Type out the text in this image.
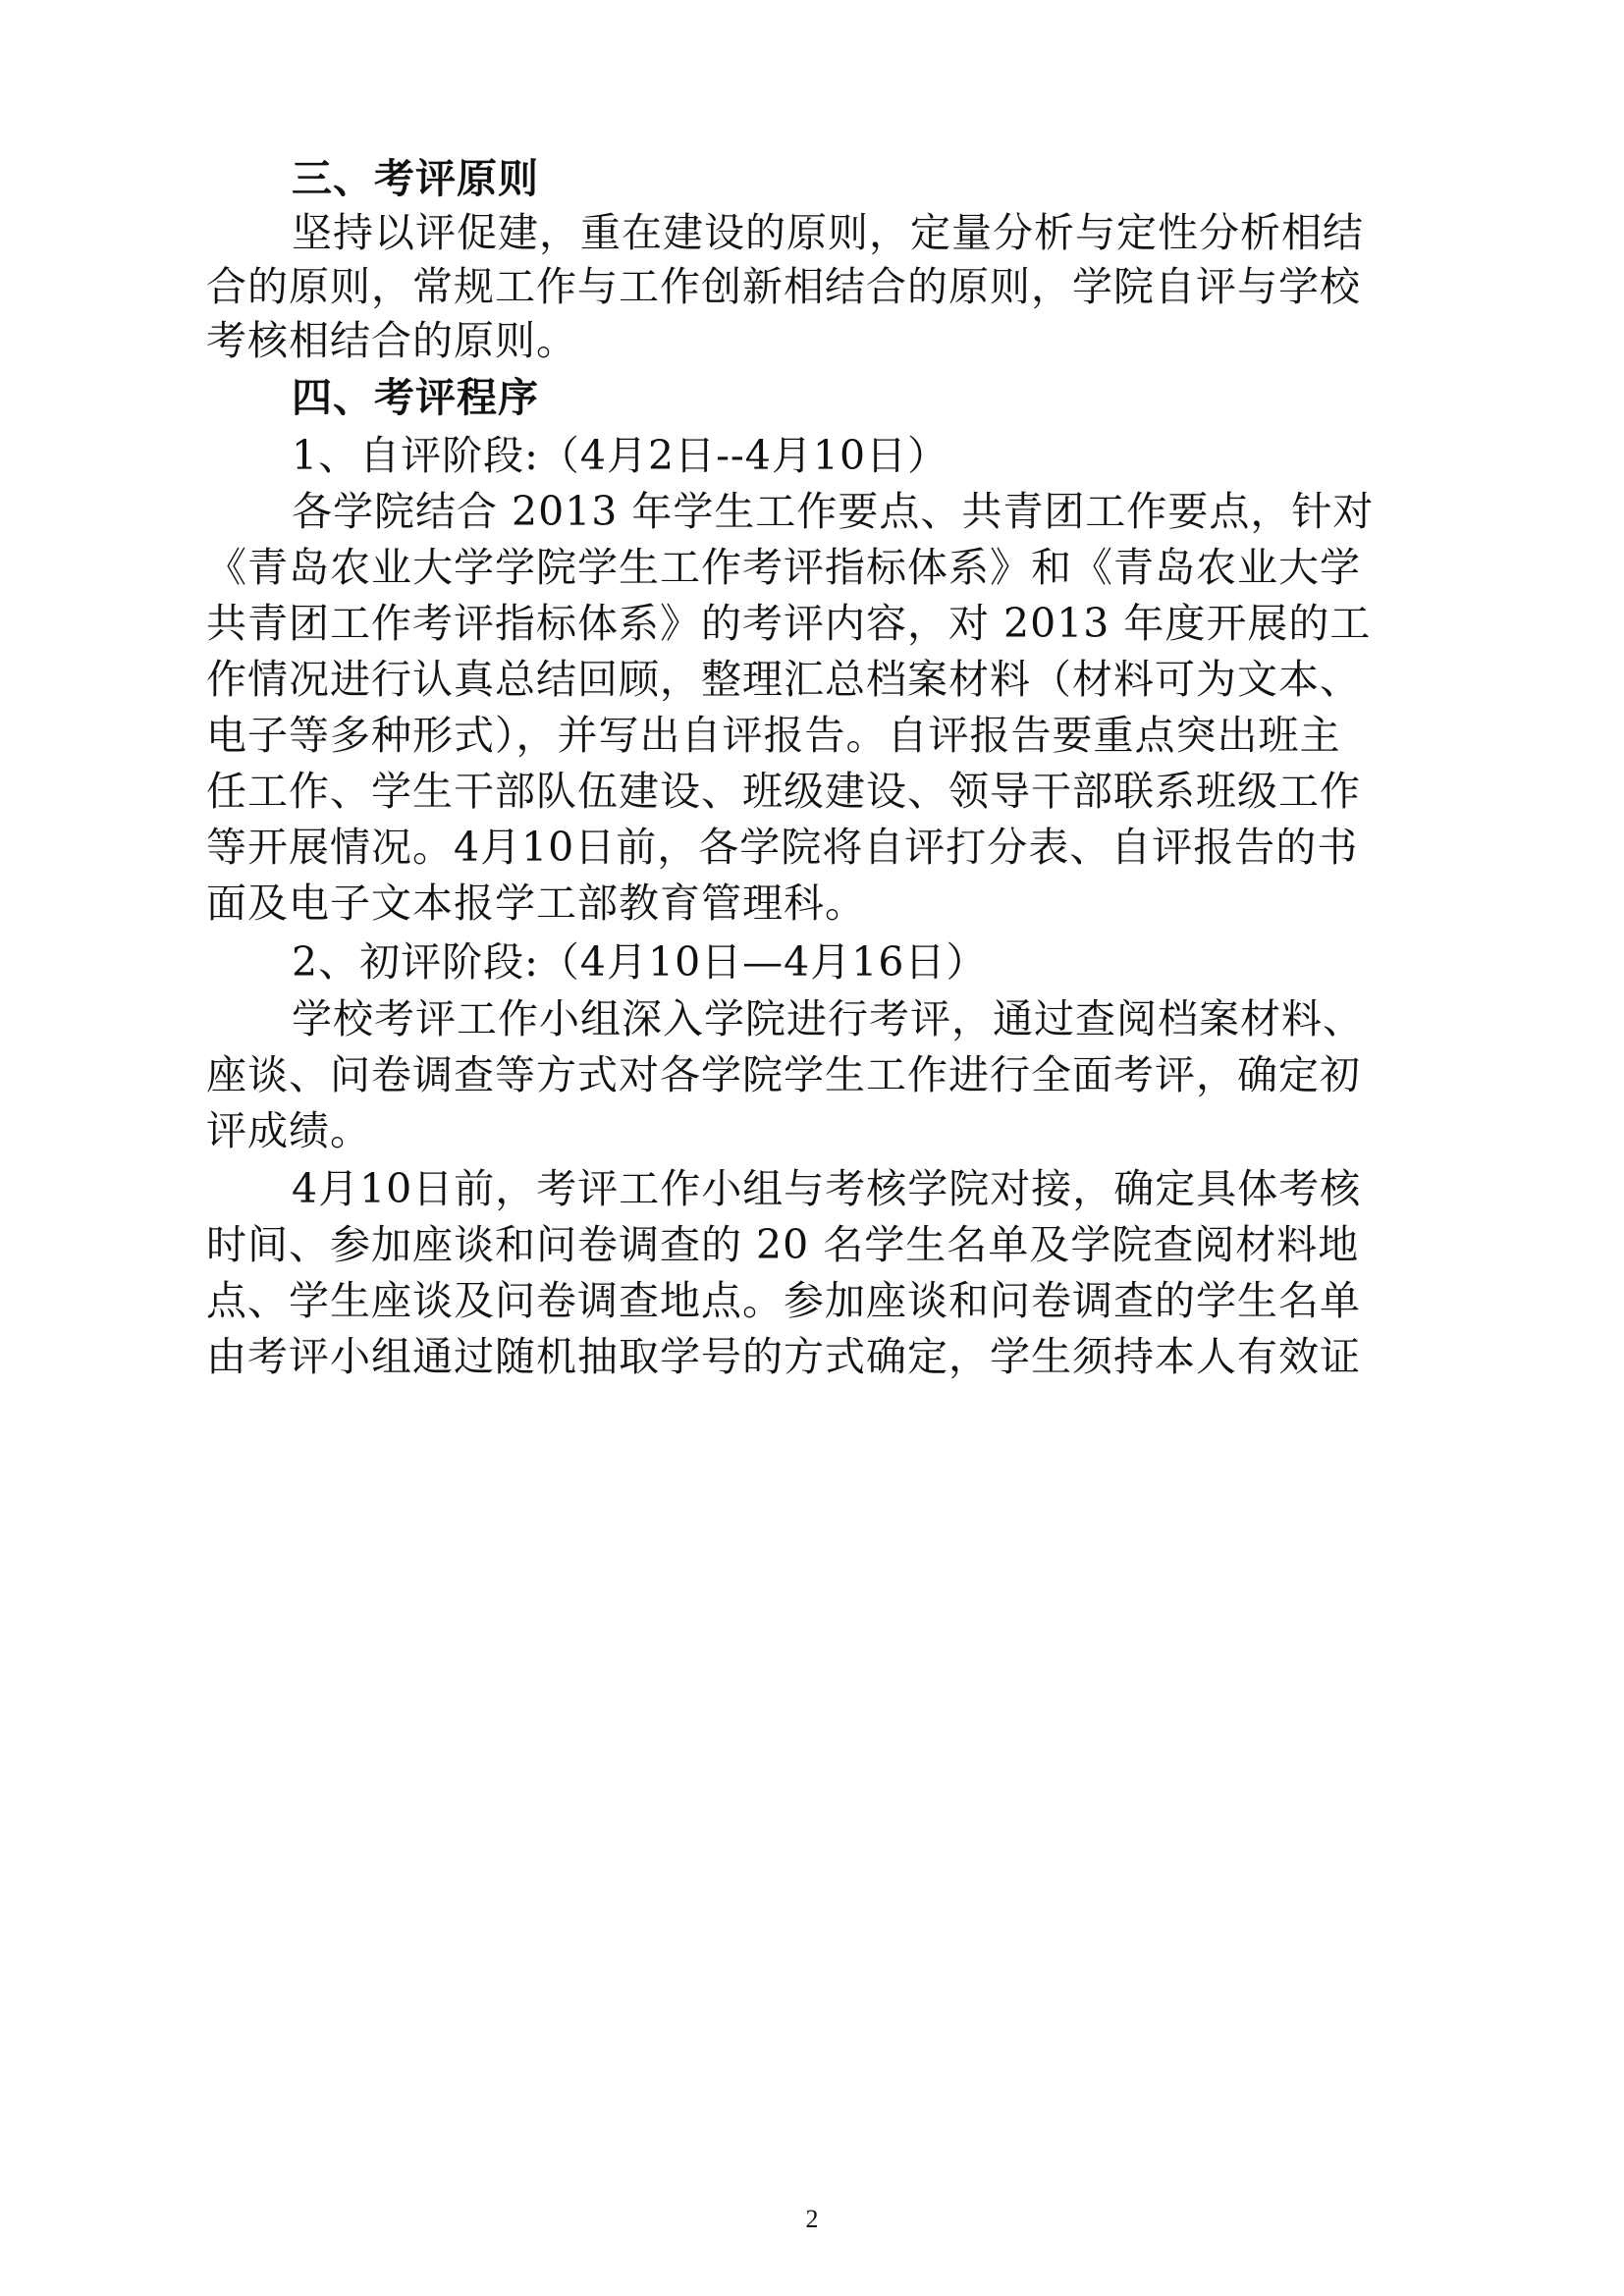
三、考评原则
坚持以评促建，重在建设的原则，定量分析与定性分析相结
合的原则，常规工作与工作创新相结合的原则，学院自评与学校
考核相结合的原则。
四、考评程序
1、自评阶段:（4月2日--4月10日）
各学院结合 2013 年学生工作要点、共青团工作要点，针对
《青岛农业大学学院学生工作考评指标体系》和《青岛农业大学
共青团工作考评指标体系》的考评内容，对 2013 年度开展的工
作情况进行认真总结回顾，整理汇总档案材料（材料可为文本、
电子等多种形式），并写出自评报告。自评报告要重点突出班主
任工作、学生干部队伍建设、班级建设、领导干部联系班级工作
等开展情况。4月10日前，各学院将自评打分表、自评报告的书
面及电子文本报学工部教育管理科。
2、初评阶段:（4月10日—4月16日）
学校考评工作小组深入学院进行考评，通过查阅档案材料、
座谈、问卷调查等方式对各学院学生工作进行全面考评，确定初
评成绩。
4月10日前，考评工作小组与考核学院对接，确定具体考核
时间、参加座谈和问卷调查的 20 名学生名单及学院查阅材料地
点、学生座谈及问卷调查地点。参加座谈和问卷调查的学生名单
由考评小组通过随机抽取学号的方式确定，学生须持本人有效证
2
